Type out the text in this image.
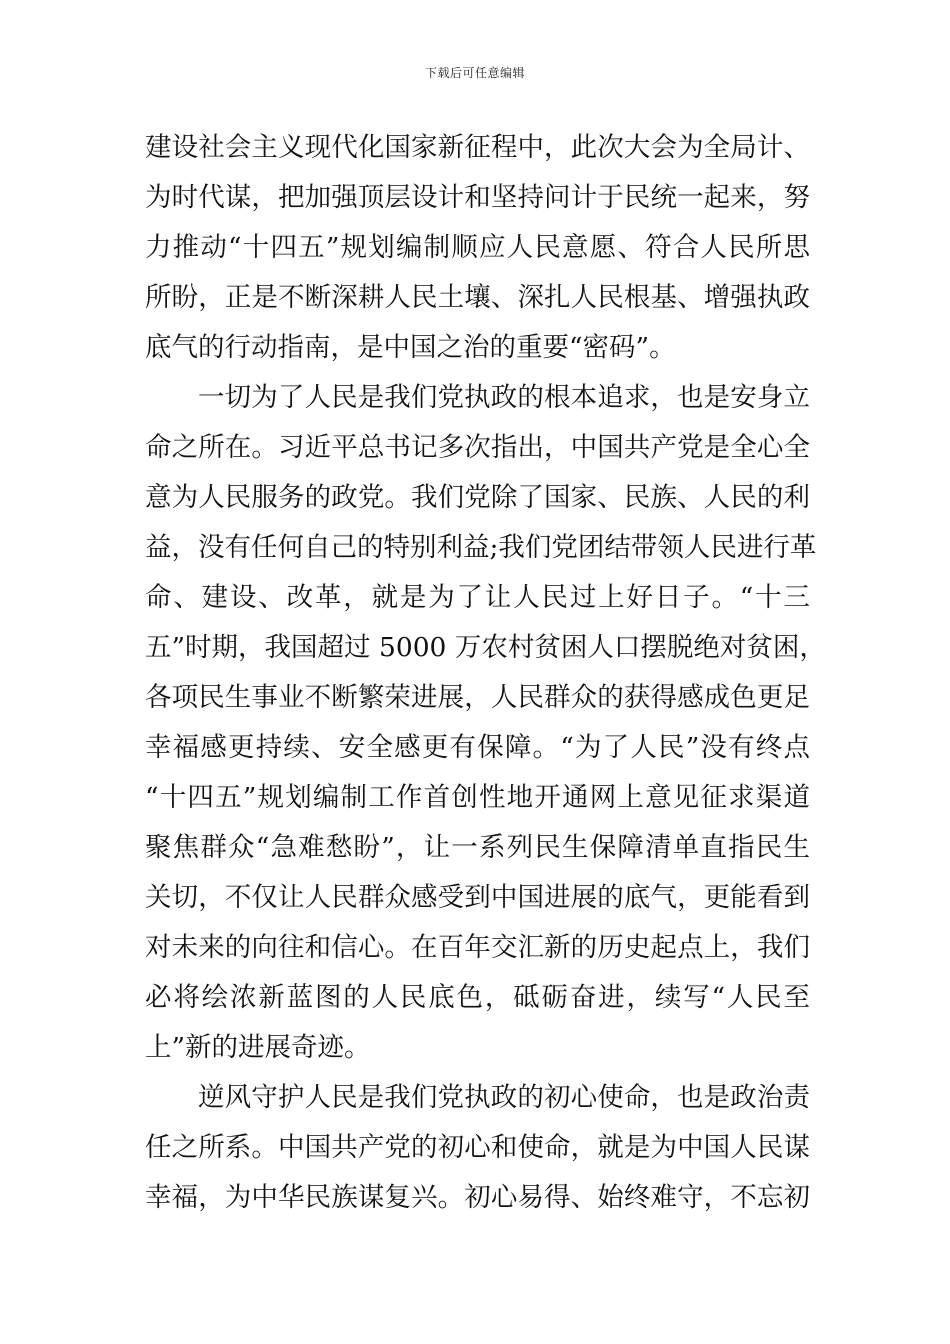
下载后可任意编辑
建设社会主义现代化国家新征程中，此次大会为全局计、
为时代谋，把加强顶层设计和坚持问计于民统一起来，努
力推动“十四五”规划编制顺应人民意愿、符合人民所思
所盼，正是不断深耕人民土壤、深扎人民根基、增强执政
底气的行动指南，是中国之治的重要“密码”。
一切为了人民是我们党执政的根本追求，也是安身立
命之所在。习近平总书记多次指出，中国共产党是全心全
意为人民服务的政党。我们党除了国家、民族、人民的利
益，没有任何自己的特别利益;我们党团结带领人民进行革
命、建设、改革，就是为了让人民过上好日子。“十三
五”时期，我国超过 5000 万农村贫困人口摆脱绝对贫困，
各项民生事业不断繁荣进展，人民群众的获得感成色更足
幸福感更持续、安全感更有保障。“为了人民”没有终点
“十四五”规划编制工作首创性地开通网上意见征求渠道
聚焦群众“急难愁盼”，让一系列民生保障清单直指民生
关切，不仅让人民群众感受到中国进展的底气，更能看到
对未来的向往和信心。在百年交汇新的历史起点上，我们
必将绘浓新蓝图的人民底色，砥砺奋进，续写“人民至
上”新的进展奇迹。
逆风守护人民是我们党执政的初心使命，也是政治责
任之所系。中国共产党的初心和使命，就是为中国人民谋
幸福，为中华民族谋复兴。初心易得、始终难守，不忘初
